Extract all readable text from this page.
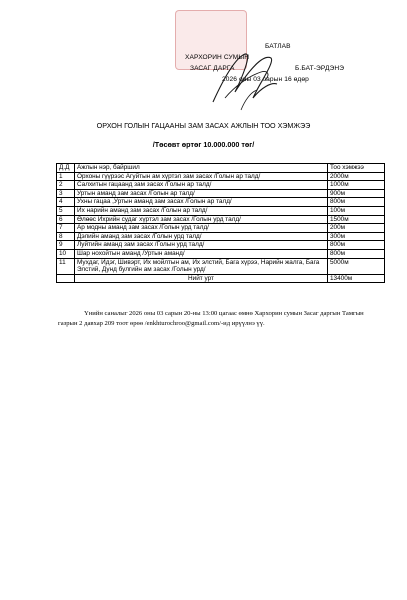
БАТЛАВ
ХАРХОРИН СУМЫН
ЗАСАГ ДАРГА	Б.БАТ-ЭРДЭНЭ
2026 оны 03 сарын 16 өдөр
ОРХОН ГОЛЫН ГАЦААНЫ ЗАМ ЗАСАХ АЖЛЫН ТОО ХЭМЖЭЭ
/Төсөвт өртөг 10.000.000 төг/
Д.Д	Ажлын нэр, байршил	Тоо хэмжээ
1	Орхоны гүүрээс Агуйтын ам хүртэл зам засах /Голын ар талд/	2000м
2	Салхитын гацаанд зам засах /Голын ар талд/	1000м
3	Уртын аманд зам засах /Голын ар талд/	900м
4	Ухны гацаа ,Уртын аманд зам засах /Голын ар талд/	800м
5	Их нарийн аманд зам засах /Голын ар талд/	100м
6	Өлөөс Ихрийн судаг хүртэл зам засах /Голын урд талд/	1500м
7	Ар модны аманд зам засах /Голын урд талд/	200м
8	Дэлийн аманд зам засах /Голын урд талд/	300м
9	Луйтийн аманд зам засах /Голын урд талд/	800м
10	Шар нохойтын аманд /Уртын аманд/	800м
11	Мухдаг, Идэг, Шивэрт, Их мойлтын ам, Их элстий, Бага хүрээ, Нарийн жалга, Бага Элстий, Дунд булгийн ам засах /Голын урд/	5000м
	Нийт урт	13400м
Үнийн саналыг 2026 оны 03 сарын 20-ны 13:00 цагаас өмнө Хархорин сумын Засаг даргын Тамгын газрын 2 давхар 209 тоот өрөө /enkhturochroo@gmail.com/-ид ирүүлнэ үү.
